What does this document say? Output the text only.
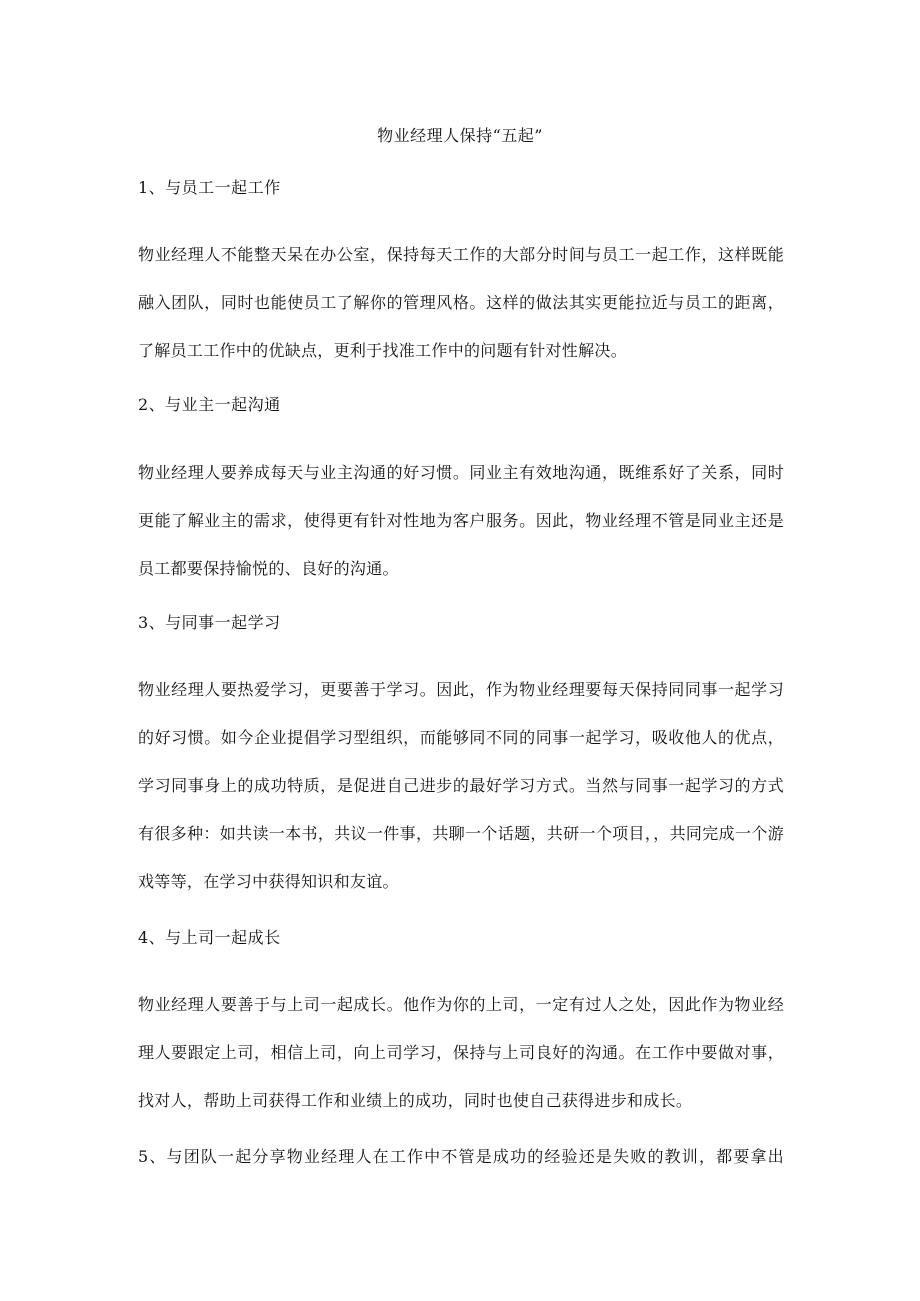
物业经理人保持“五起”
1、与员工一起工作

物业经理人不能整天呆在办公室，保持每天工作的大部分时间与员工一起工作，这样既能融入团队，同时也能使员工了解你的管理风格。这样的做法其实更能拉近与员工的距离，了解员工工作中的优缺点，更利于找准工作中的问题有针对性解决。

2、与业主一起沟通

物业经理人要养成每天与业主沟通的好习惯。同业主有效地沟通，既维系好了关系，同时更能了解业主的需求，使得更有针对性地为客户服务。因此，物业经理不管是同业主还是员工都要保持愉悦的、良好的沟通。

3、与同事一起学习

物业经理人要热爱学习，更要善于学习。因此，作为物业经理要每天保持同同事一起学习的好习惯。如今企业提倡学习型组织，而能够同不同的同事一起学习，吸收他人的优点，学习同事身上的成功特质，是促进自己进步的最好学习方式。当然与同事一起学习的方式有很多种：如共读一本书，共议一件事，共聊一个话题，共研一个项目，，共同完成一个游戏等等，在学习中获得知识和友谊。

4、与上司一起成长

物业经理人要善于与上司一起成长。他作为你的上司，一定有过人之处，因此作为物业经理人要跟定上司，相信上司，向上司学习，保持与上司良好的沟通。在工作中要做对事，找对人，帮助上司获得工作和业绩上的成功，同时也使自己获得进步和成长。

5、与团队一起分享物业经理人在工作中不管是成功的经验还是失败的教训，都要拿出
